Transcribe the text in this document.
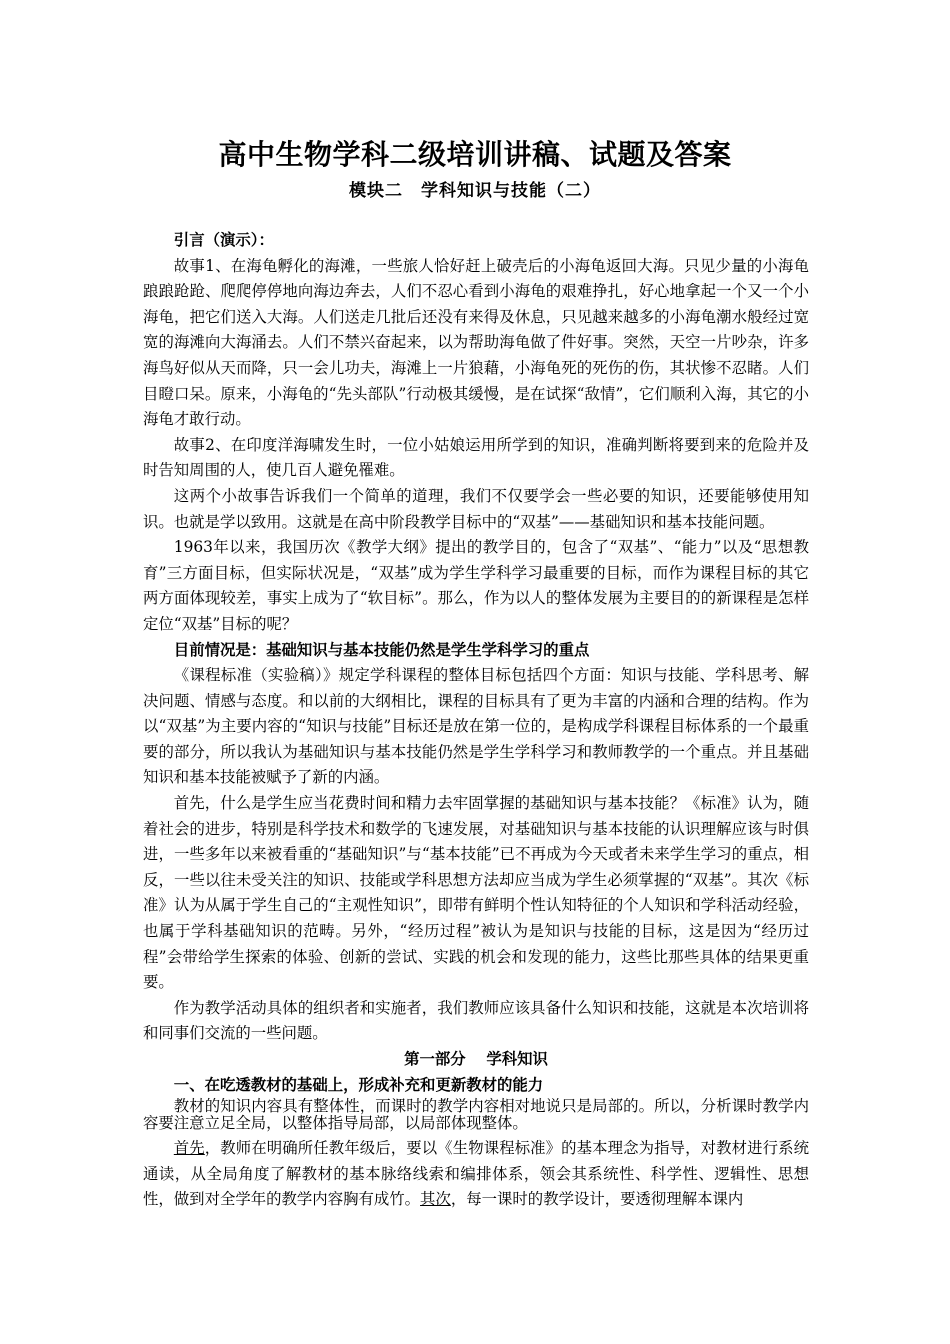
高中生物学科二级培训讲稿、试题及答案
模块二　学科知识与技能（二）

引言（演示）：

故事1、在海龟孵化的海滩，一些旅人恰好赶上破壳后的小海龟返回大海。只见少量的小海龟踉踉跄跄、爬爬停停地向海边奔去，人们不忍心看到小海龟的艰难挣扎，好心地拿起一个又一个小海龟，把它们送入大海。人们送走几批后还没有来得及休息，只见越来越多的小海龟潮水般经过宽宽的海滩向大海涌去。人们不禁兴奋起来，以为帮助海龟做了件好事。突然，天空一片吵杂，许多海鸟好似从天而降，只一会儿功夫，海滩上一片狼藉，小海龟死的死伤的伤，其状惨不忍睹。人们目瞪口呆。原来，小海龟的“先头部队”行动极其缓慢，是在试探“敌情”，它们顺利入海，其它的小海龟才敢行动。

故事2、在印度洋海啸发生时，一位小姑娘运用所学到的知识，准确判断将要到来的危险并及时告知周围的人，使几百人避免罹难。

这两个小故事告诉我们一个简单的道理，我们不仅要学会一些必要的知识，还要能够使用知识。也就是学以致用。这就是在高中阶段教学目标中的“双基”——基础知识和基本技能问题。

1963年以来，我国历次《教学大纲》提出的教学目的，包含了“双基”、“能力”以及“思想教育”三方面目标，但实际状况是，“双基”成为学生学科学习最重要的目标，而作为课程目标的其它两方面体现较差，事实上成为了“软目标”。那么，作为以人的整体发展为主要目的的新课程是怎样定位“双基”目标的呢？

目前情况是：基础知识与基本技能仍然是学生学科学习的重点

《课程标准（实验稿）》规定学科课程的整体目标包括四个方面：知识与技能、学科思考、解决问题、情感与态度。和以前的大纲相比，课程的目标具有了更为丰富的内涵和合理的结构。作为以“双基”为主要内容的“知识与技能”目标还是放在第一位的，是构成学科课程目标体系的一个最重要的部分，所以我认为基础知识与基本技能仍然是学生学科学习和教师教学的一个重点。并且基础知识和基本技能被赋予了新的内涵。

首先，什么是学生应当花费时间和精力去牢固掌握的基础知识与基本技能？《标准》认为，随着社会的进步，特别是科学技术和数学的飞速发展，对基础知识与基本技能的认识理解应该与时俱进，一些多年以来被看重的“基础知识”与“基本技能”已不再成为今天或者未来学生学习的重点，相反，一些以往未受关注的知识、技能或学科思想方法却应当成为学生必须掌握的“双基”。其次《标准》认为从属于学生自己的“主观性知识”，即带有鲜明个性认知特征的个人知识和学科活动经验，也属于学科基础知识的范畴。另外，“经历过程”被认为是知识与技能的目标，这是因为“经历过程”会带给学生探索的体验、创新的尝试、实践的机会和发现的能力，这些比那些具体的结果更重要。

作为教学活动具体的组织者和实施者，我们教师应该具备什么知识和技能，这就是本次培训将和同事们交流的一些问题。

第一部分　 学科知识

一、在吃透教材的基础上，形成补充和更新教材的能力

教材的知识内容具有整体性，而课时的教学内容相对地说只是局部的。所以，分析课时教学内容要注意立足全局，以整体指导局部，以局部体现整体。

首先，教师在明确所任教年级后，要以《生物课程标准》的基本理念为指导，对教材进行系统通读，从全局角度了解教材的基本脉络线索和编排体系，领会其系统性、科学性、逻辑性、思想性，做到对全学年的教学内容胸有成竹。其次，每一课时的教学设计，要透彻理解本课内
